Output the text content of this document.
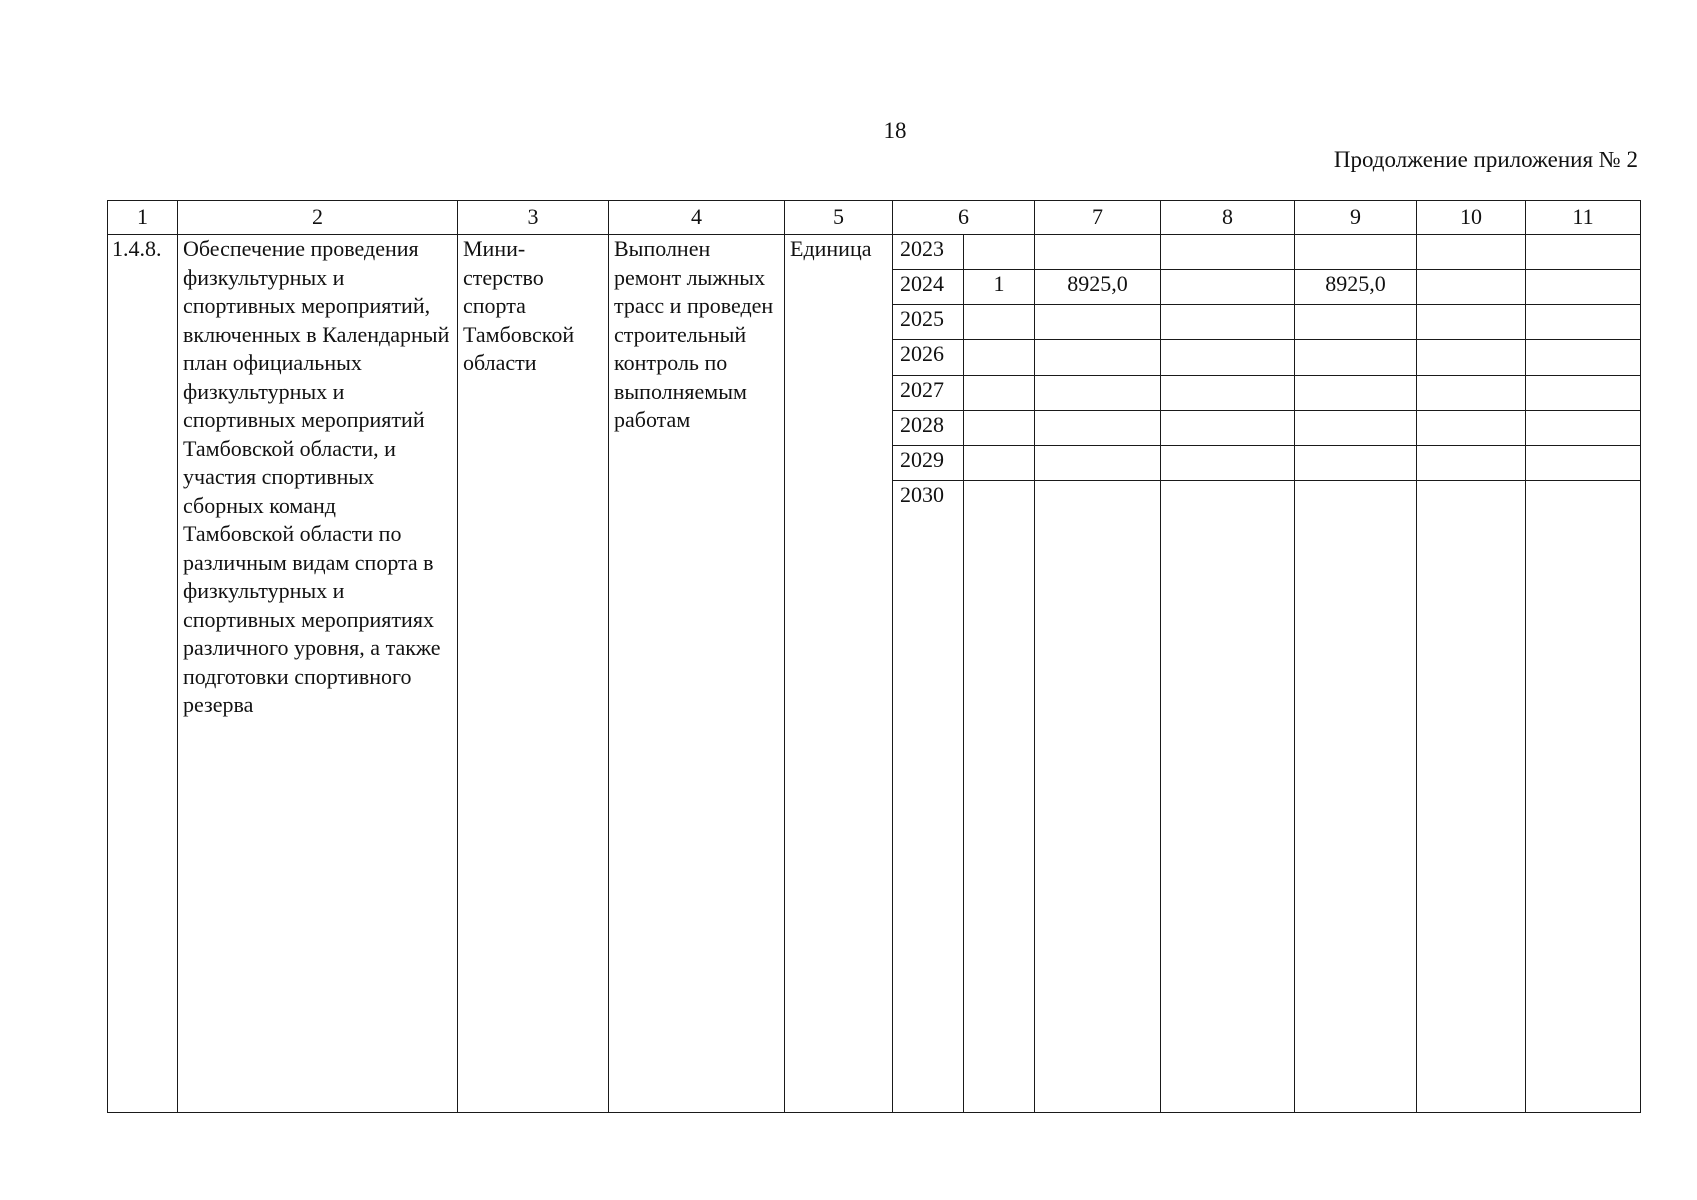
18
Продолжение приложения № 2
1	2	3	4	5	6		7	8	9	10	11
1.4.8.	Обеспечение проведения физкультурных и спортивных мероприятий, включенных в Календарный план официальных физкультурных и спортивных мероприятий Тамбовской области, и участия спортивных сборных команд Тамбовской области по различным видам спорта в физкультурных и спортивных мероприятиях различного уровня, а также подготовки спортивного резерва	Мини-стерство спорта Тамбовской области	Выполнен ремонт лыжных трасс и проведен строительный контроль по выполняемым работам	Единица	2023						
					2024	1	8925,0		8925,0		
					2025						
					2026						
					2027						
					2028						
					2029						
					2030						
